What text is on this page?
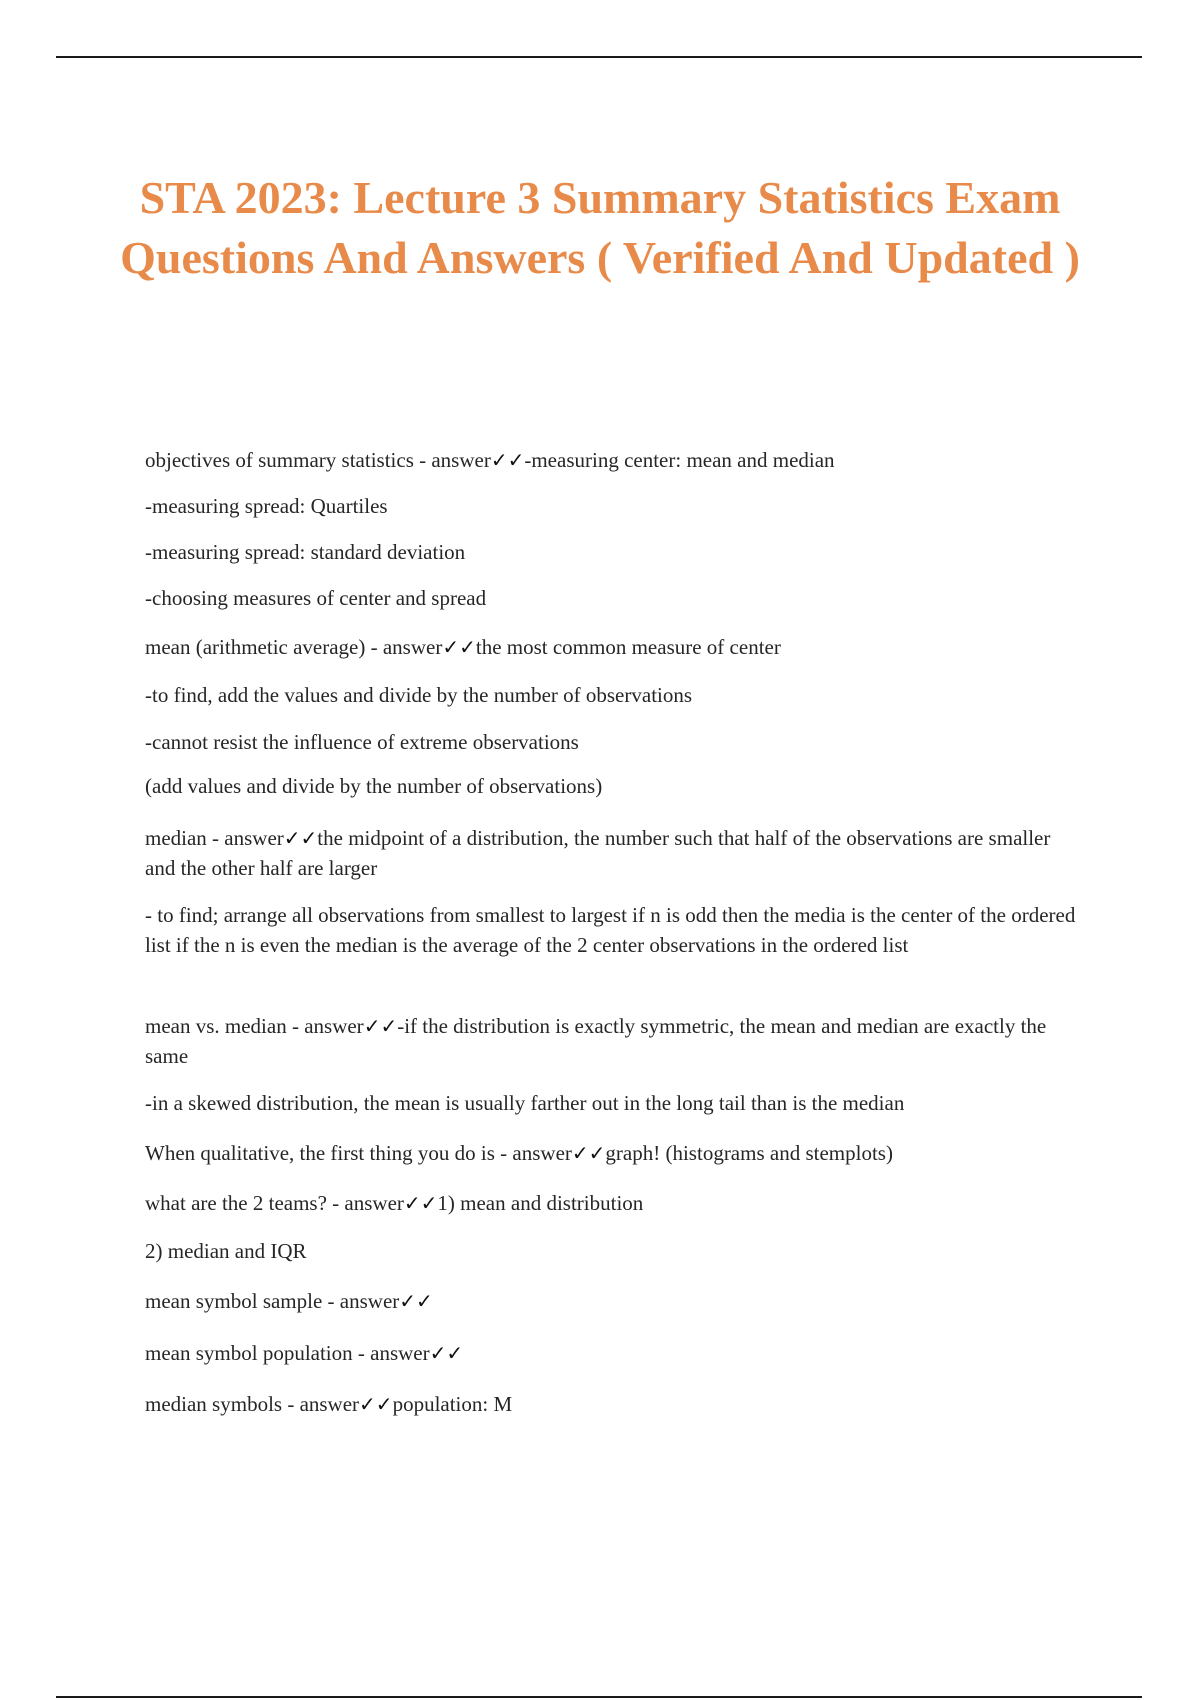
STA 2023: Lecture 3 Summary Statistics Exam Questions And Answers ( Verified And Updated )

objectives of summary statistics - answer✓✓-measuring center: mean and median

-measuring spread: Quartiles

-measuring spread: standard deviation

-choosing measures of center and spread

mean (arithmetic average) - answer✓✓the most common measure of center

-to find, add the values and divide by the number of observations

-cannot resist the influence of extreme observations

(add values and divide by the number of observations)

median - answer✓✓the midpoint of a distribution, the number such that half of the observations are smaller and the other half are larger

- to find; arrange all observations from smallest to largest if n is odd then the media is the center of the ordered list if the n is even the median is the average of the 2 center observations in the ordered list

mean vs. median - answer✓✓-if the distribution is exactly symmetric, the mean and median are exactly the same

-in a skewed distribution, the mean is usually farther out in the long tail than is the median

When qualitative, the first thing you do is - answer✓✓graph! (histograms and stemplots)

what are the 2 teams? - answer✓✓1) mean and distribution

2) median and IQR

mean symbol sample - answer✓✓

mean symbol population - answer✓✓

median symbols - answer✓✓population: M
